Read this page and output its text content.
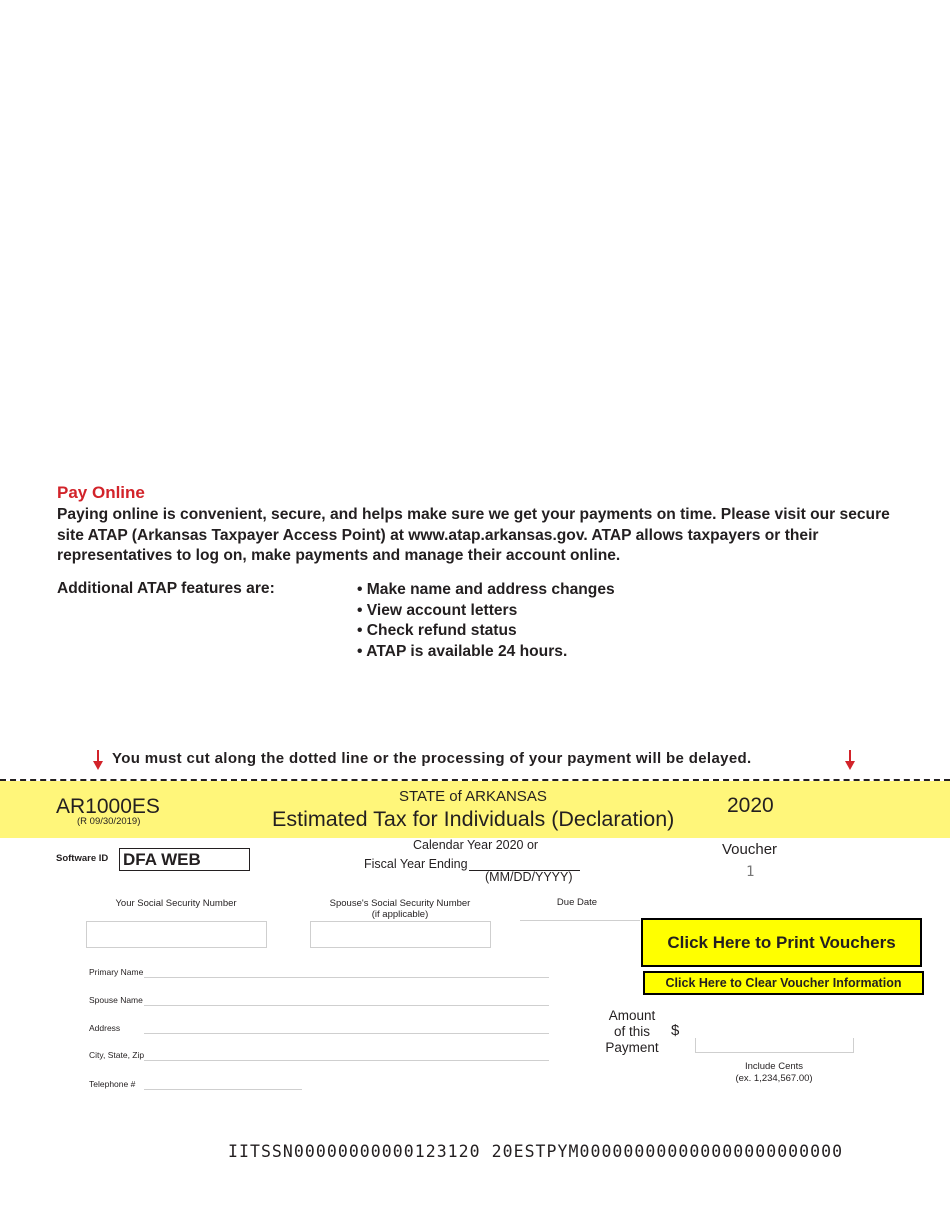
Pay Online
Paying online is convenient, secure, and helps make sure we get your payments on time. Please visit our secure site ATAP (Arkansas Taxpayer Access Point) at www.atap.arkansas.gov. ATAP allows taxpayers or their representatives to log on, make payments and manage their account online.
Additional ATAP features are:	• Make name and address changes
• View account letters
• Check refund status
• ATAP is available 24 hours.
You must cut along the dotted line or the processing of your payment will be delayed.
AR1000ES
(R 09/30/2019)
STATE of ARKANSAS
Estimated Tax for Individuals (Declaration)
2020
Software ID DFA WEB
Calendar Year 2020 or
Fiscal Year Ending
(MM/DD/YYYY)
Voucher
1
Your Social Security Number	Spouse's Social Security Number
(if applicable)
Due Date
Click Here to Print Vouchers
Click Here to Clear Voucher Information
Primary Name
Spouse Name
Address
City, State, Zip
Telephone #
Amount of this Payment
$
Include Cents
(ex. 1,234,567.00)
IITSSN00000000000123120 20ESTPYM000000000000000000000000
